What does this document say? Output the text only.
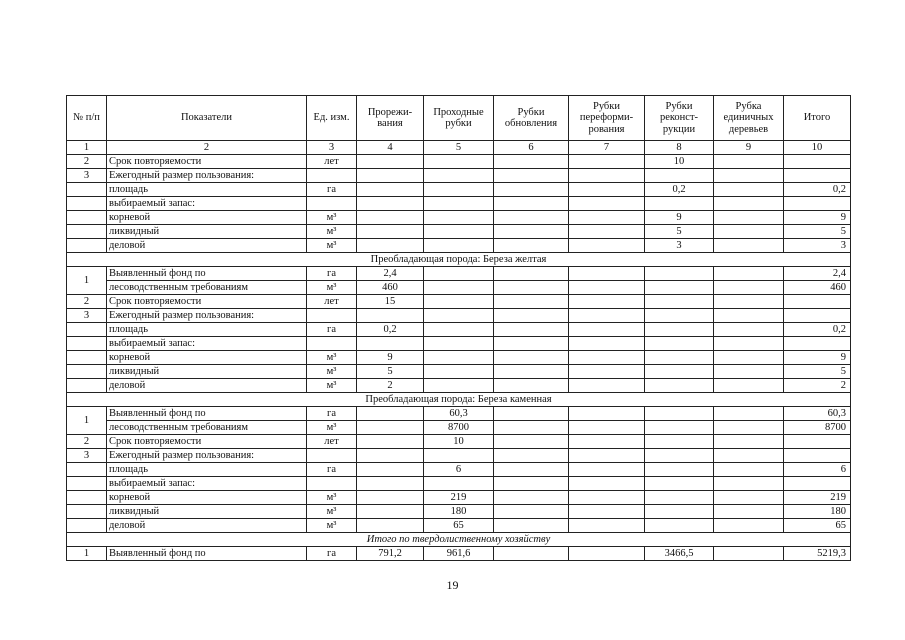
№ п/п	Показатели	Ед. изм.	Прорежи-вания	Проходные рубки	Рубки обновления	Рубки переформи-рования	Рубки реконст-рукции	Рубка единичных деревьев	Итого
1	2	3	4	5	6	7	8	9	10
2	Срок повторяемости	лет					10		
3	Ежегодный размер пользования:								
	площадь	га					0,2		0,2
	выбираемый запас:								
	корневой	м³					9		9
	ликвидный	м³					5		5
	деловой	м³					3		3
Преобладающая порода: Береза желтая									
1	Выявленный фонд по	га	2,4						2,4
	лесоводственным требованиям	м³	460						460
2	Срок повторяемости	лет	15						
3	Ежегодный размер пользования:								
	площадь	га	0,2						0,2
	выбираемый запас:								
	корневой	м³	9						9
	ликвидный	м³	5						5
	деловой	м³	2						2
Преобладающая порода: Береза каменная									
1	Выявленный фонд по	га		60,3					60,3
	лесоводственным требованиям	м³		8700					8700
2	Срок повторяемости	лет		10					
3	Ежегодный размер пользования:								
	площадь	га		6					6
	выбираемый запас:								
	корневой	м³		219					219
	ликвидный	м³		180					180
	деловой	м³		65					65
Итого по твердолиственному хозяйству									
1	Выявленный фонд по	га	791,2	961,6			3466,5		5219,3
19
